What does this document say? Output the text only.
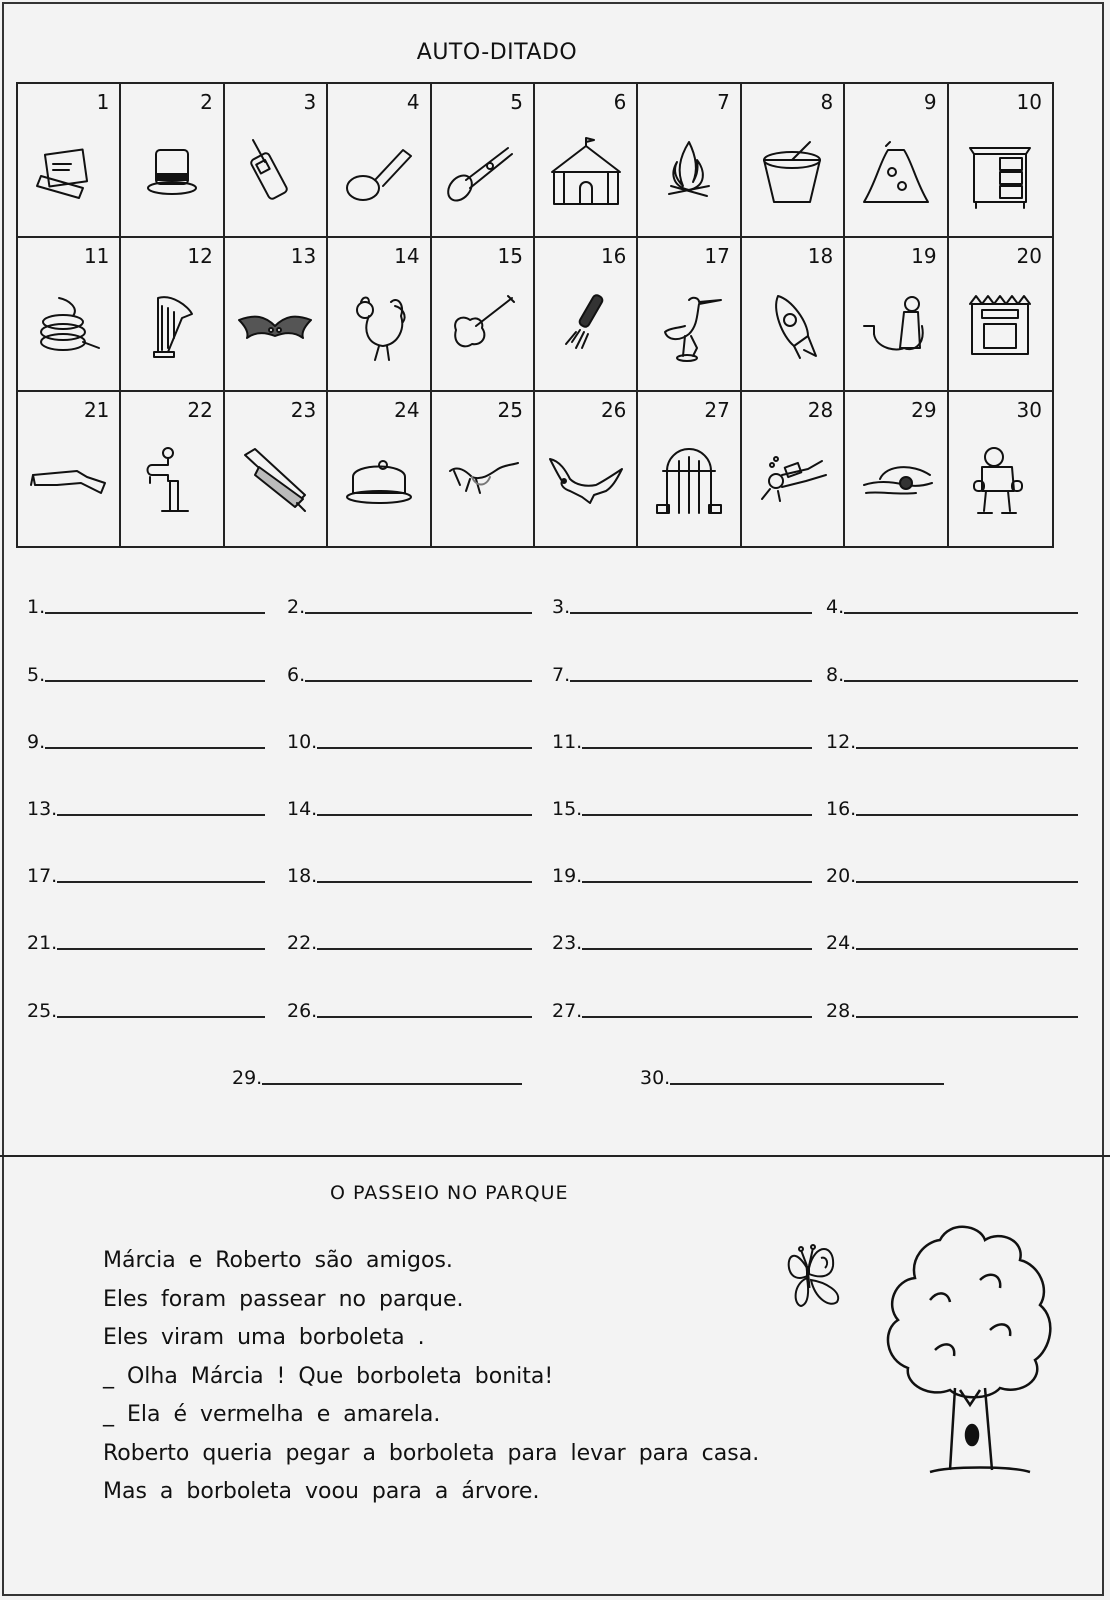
AUTO-DITADO
1	2	3	4	5	6	7	8	9	10
11	12	13	14	15	16	17	18	19	20
21	22	23	24	25	26	27	28	29	30
1.	2.	3.	4.
5.	6.	7.	8.
9.	10.	11.	12.
13.	14.	15.	16.
17.	18.	19.	20.
21.	22.	23.	24.
25.	26.	27.	28.
29.	30.
O PASSEIO NO PARQUE
Márcia e Roberto são amigos.
Eles foram passear no parque.
Eles viram uma borboleta .
_ Olha Márcia ! Que borboleta bonita!
_ Ela é vermelha e amarela.
Roberto queria pegar a borboleta para levar para casa.
Mas a borboleta voou para a árvore.
